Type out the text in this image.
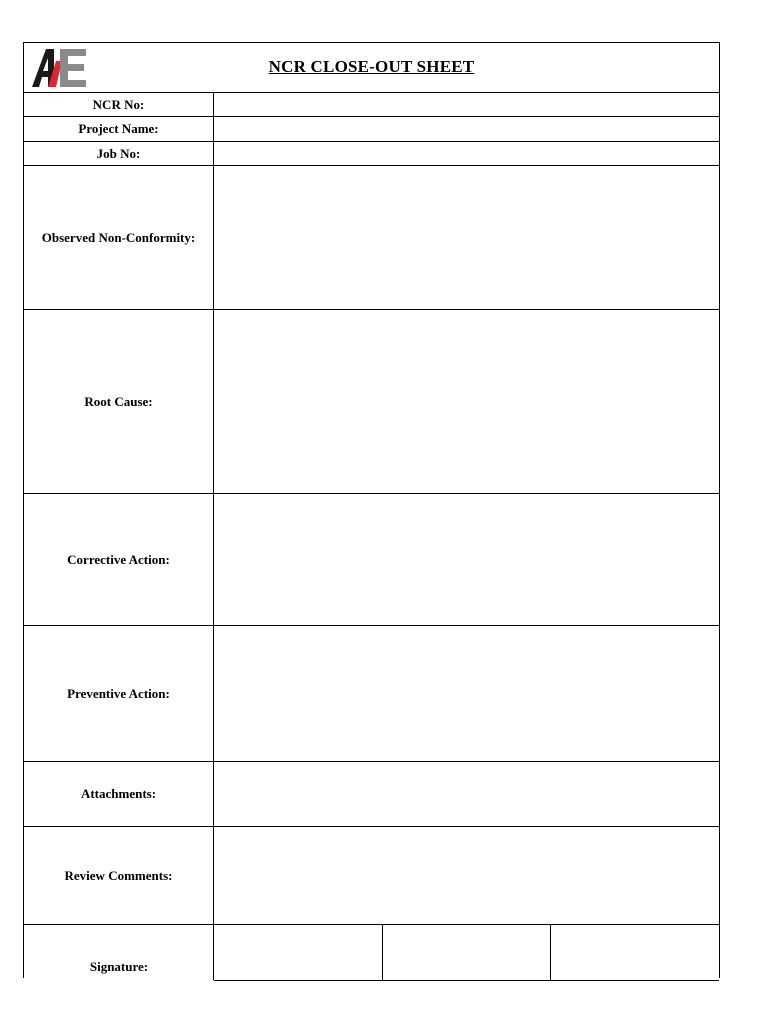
NCR CLOSE-OUT SHEET
NCR No:
Project Name:
Job No:
Observed Non-Conformity:
Root Cause:
Corrective Action:
Preventive Action:
Attachments:
Review Comments:
Signature:
